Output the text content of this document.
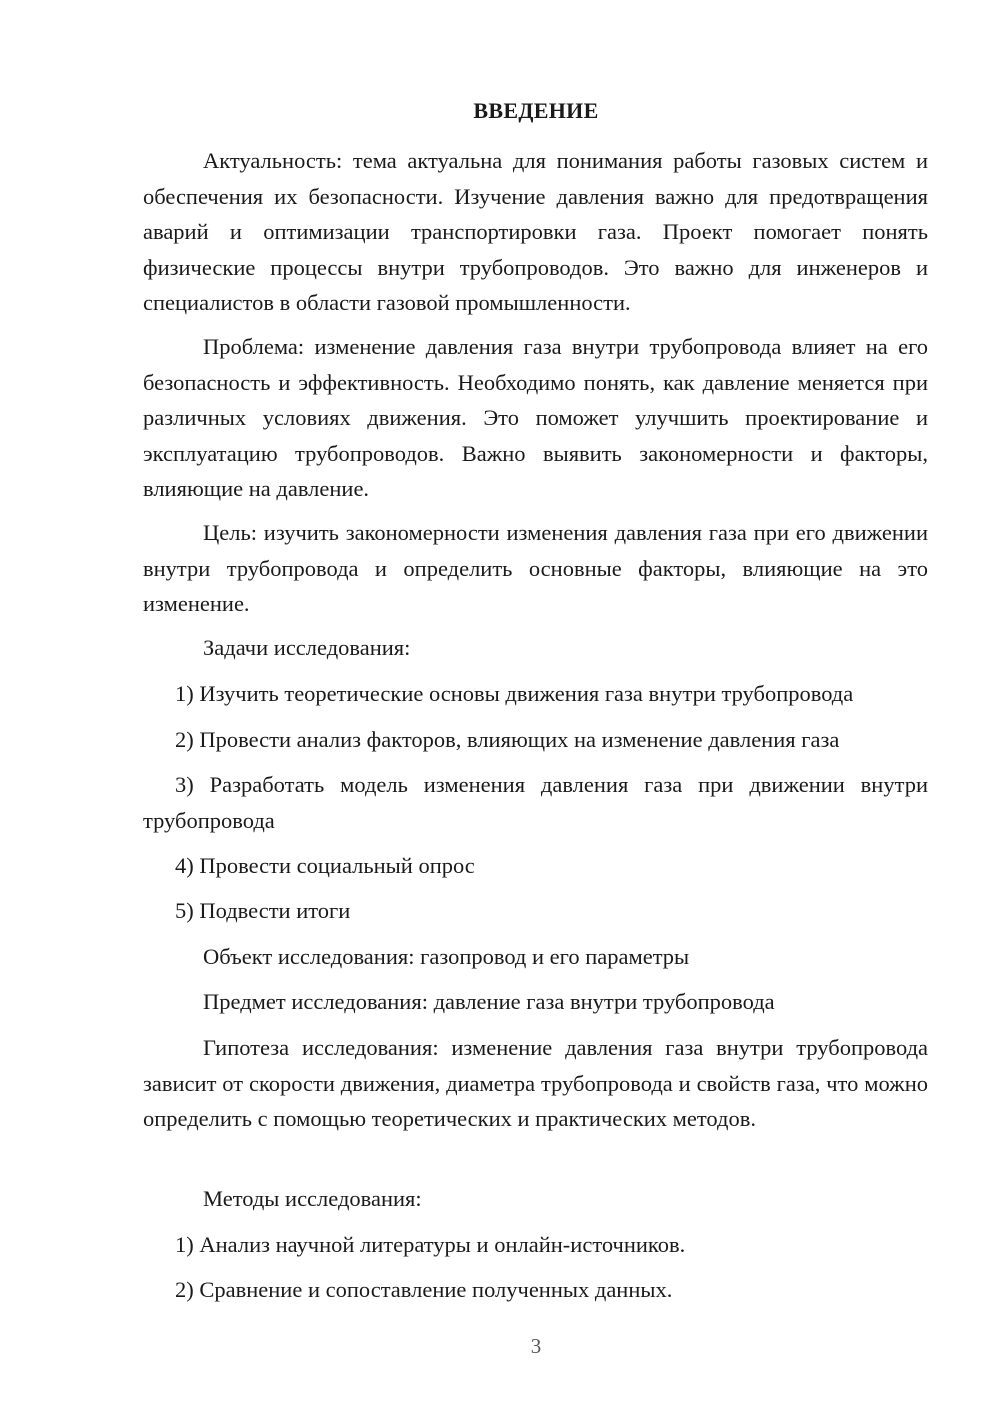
ВВЕДЕНИЕ

Актуальность: тема актуальна для понимания работы газовых систем и обеспечения их безопасности. Изучение давления важно для предотвращения аварий и оптимизации транспортировки газа. Проект помогает понять физические процессы внутри трубопроводов. Это важно для инженеров и специалистов в области газовой промышленности.

Проблема: изменение давления газа внутри трубопровода влияет на его безопасность и эффективность. Необходимо понять, как давление меняется при различных условиях движения. Это поможет улучшить проектирование и эксплуатацию трубопроводов. Важно выявить закономерности и факторы, влияющие на давление.

Цель: изучить закономерности изменения давления газа при его движении внутри трубопровода и определить основные факторы, влияющие на это изменение.

Задачи исследования:

1) Изучить теоретические основы движения газа внутри трубопровода

2) Провести анализ факторов, влияющих на изменение давления газа

3) Разработать модель изменения давления газа при движении внутри трубопровода

4) Провести социальный опрос

5) Подвести итоги

Объект исследования: газопровод и его параметры

Предмет исследования: давление газа внутри трубопровода

Гипотеза исследования: изменение давления газа внутри трубопровода зависит от скорости движения, диаметра трубопровода и свойств газа, что можно определить с помощью теоретических и практических методов.

Методы исследования:

1) Анализ научной литературы и онлайн-источников.

2) Сравнение и сопоставление полученных данных.

3
